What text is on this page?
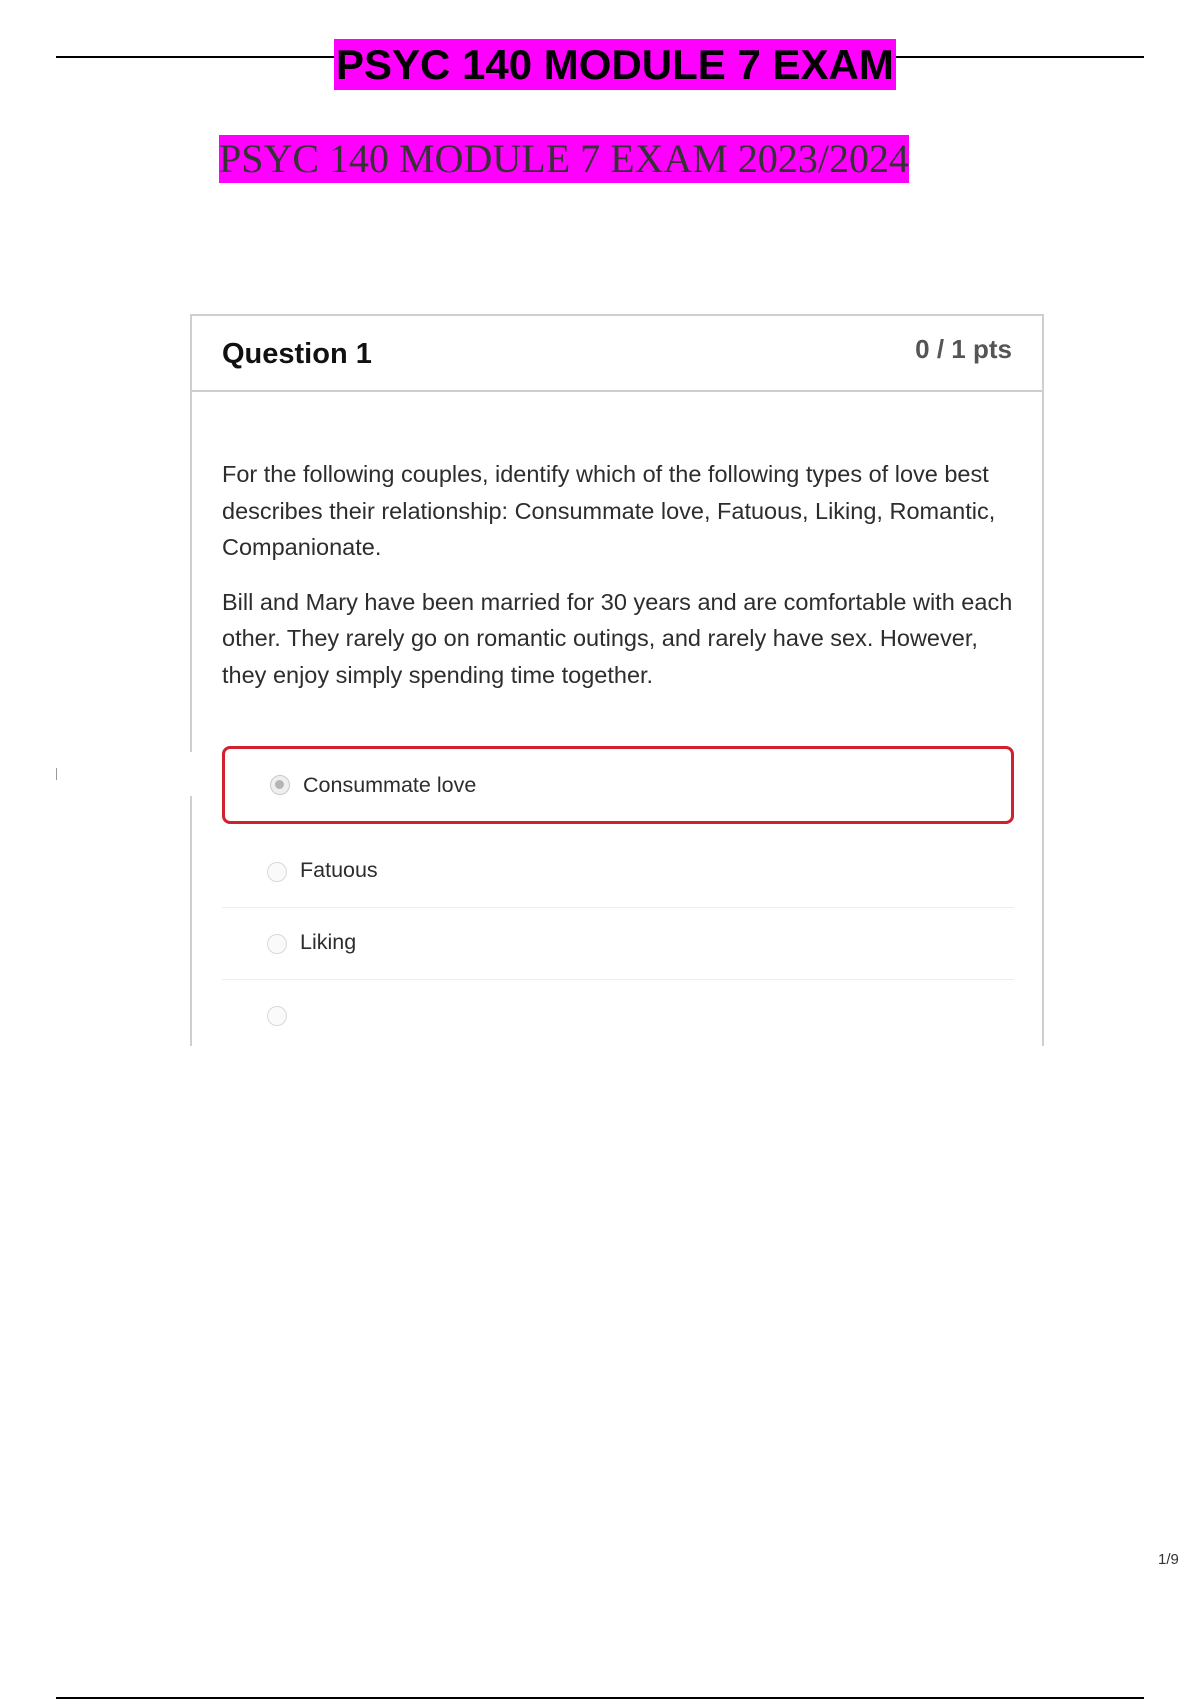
PSYC 140 MODULE 7 EXAM
PSYC 140 MODULE 7 EXAM 2023/2024
Question 1	0 / 1 pts

For the following couples, identify which of the following types of love best describes their relationship: Consummate love, Fatuous, Liking, Romantic, Companionate.

Bill and Mary have been married for 30 years and are comfortable with each other. They rarely go on romantic outings, and rarely have sex. However, they enjoy simply spending time together.

Consummate love
Fatuous
Liking
1/9
